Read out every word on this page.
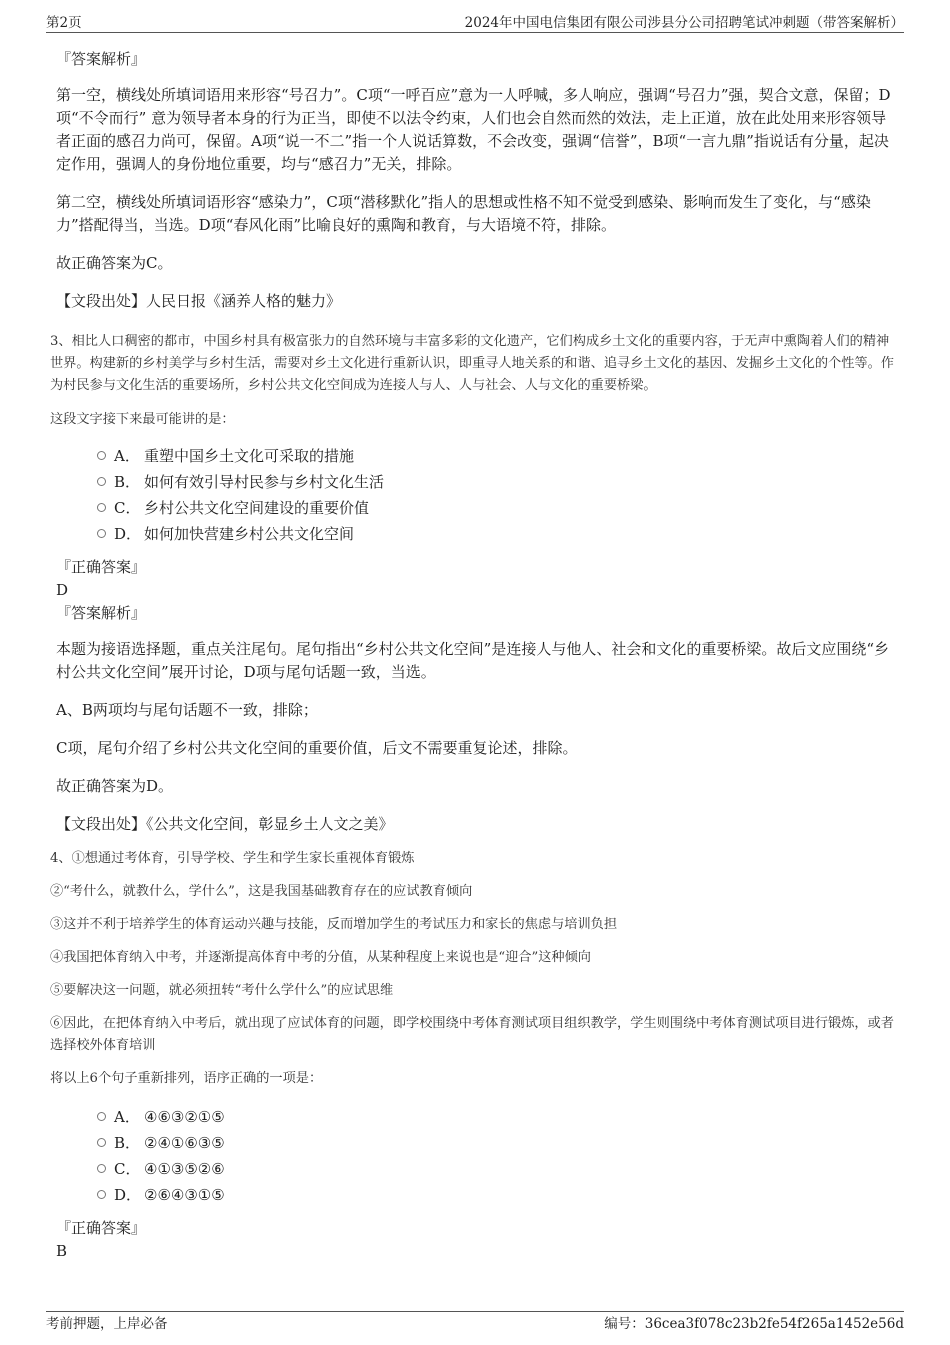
第2页	2024年中国电信集团有限公司涉县分公司招聘笔试冲刺题（带答案解析）

『答案解析』

第一空，横线处所填词语用来形容“号召力”。C项“一呼百应”意为一人呼喊，多人响应，强调“号召力”强，契合文意，保留；D项“不令而行” 意为领导者本身的行为正当，即使不以法令约束，人们也会自然而然的效法，走上正道，放在此处用来形容领导者正面的感召力尚可，保留。A项“说一不二”指一个人说话算数，不会改变，强调“信誉”，B项“一言九鼎”指说话有分量，起决定作用，强调人的身份地位重要，均与“感召力”无关，排除。

第二空，横线处所填词语形容“感染力”，C项“潜移默化”指人的思想或性格不知不觉受到感染、影响而发生了变化，与“感染力”搭配得当，当选。D项“春风化雨”比喻良好的熏陶和教育，与大语境不符，排除。

故正确答案为C。

【文段出处】人民日报《涵养人格的魅力》

3、相比人口稠密的都市，中国乡村具有极富张力的自然环境与丰富多彩的文化遗产，它们构成乡土文化的重要内容，于无声中熏陶着人们的精神世界。构建新的乡村美学与乡村生活，需要对乡土文化进行重新认识，即重寻人地关系的和谐、追寻乡土文化的基因、发掘乡土文化的个性等。作为村民参与文化生活的重要场所，乡村公共文化空间成为连接人与人、人与社会、人与文化的重要桥梁。

这段文字接下来最可能讲的是：

A． 重塑中国乡土文化可采取的措施
B． 如何有效引导村民参与乡村文化生活
C． 乡村公共文化空间建设的重要价值
D． 如何加快营建乡村公共文化空间

『正确答案』

D

『答案解析』

本题为接语选择题，重点关注尾句。尾句指出“乡村公共文化空间”是连接人与他人、社会和文化的重要桥梁。故后文应围绕“乡村公共文化空间”展开讨论，D项与尾句话题一致，当选。

A、B两项均与尾句话题不一致，排除；

C项，尾句介绍了乡村公共文化空间的重要价值，后文不需要重复论述，排除。

故正确答案为D。

【文段出处】《公共文化空间，彰显乡土人文之美》

4、①想通过考体育，引导学校、学生和学生家长重视体育锻炼

②“考什么，就教什么，学什么”，这是我国基础教育存在的应试教育倾向

③这并不利于培养学生的体育运动兴趣与技能，反而增加学生的考试压力和家长的焦虑与培训负担

④我国把体育纳入中考，并逐渐提高体育中考的分值，从某种程度上来说也是“迎合”这种倾向

⑤要解决这一问题，就必须扭转“考什么学什么”的应试思维

⑥因此，在把体育纳入中考后，就出现了应试体育的问题，即学校围绕中考体育测试项目组织教学，学生则围绕中考体育测试项目进行锻炼，或者选择校外体育培训

将以上6个句子重新排列，语序正确的一项是：

A． ④⑥③②①⑤
B． ②④①⑥③⑤
C． ④①③⑤②⑥
D． ②⑥④③①⑤

『正确答案』

B

考前押题，上岸必备	编号：36cea3f078c23b2fe54f265a1452e56d
